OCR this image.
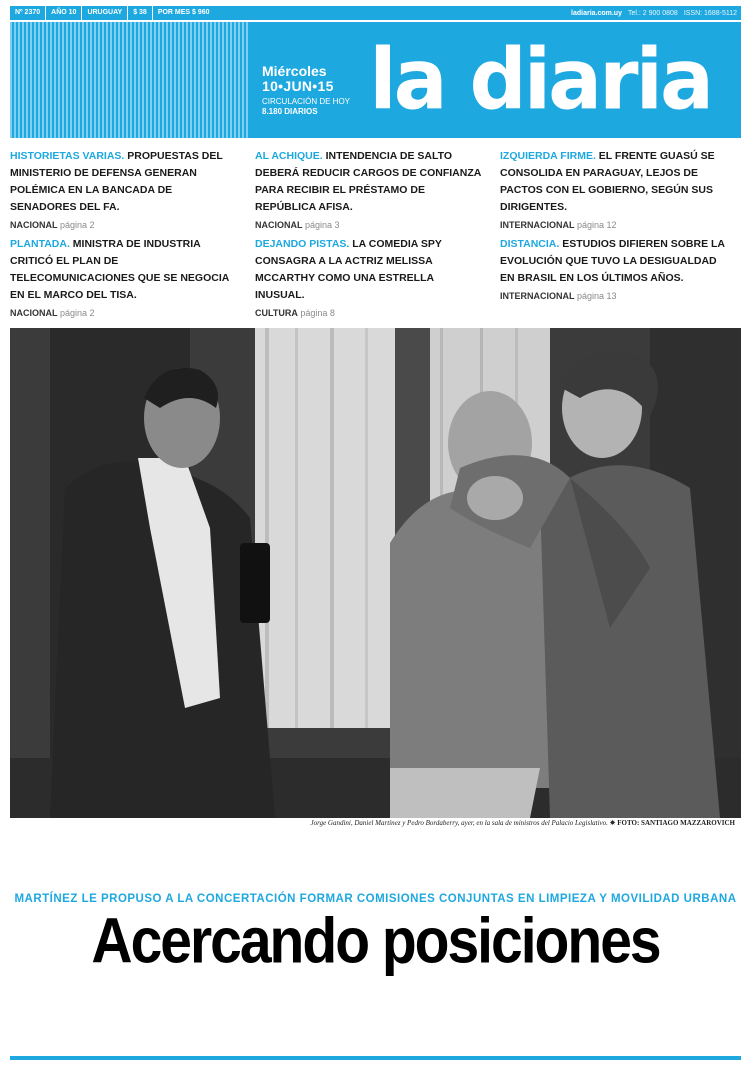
Nº 2370	AÑO 10	URUGUAY	$ 38	POR MES $ 960	ladiaria.com.uy Tel.: 2 900 0808 ISSN: 1688-5112
Miércoles
10•JUN•15
CIRCULACIÓN DE HOY
8.180 DIARIOS la diaria
HISTORIETAS VARIAS. PROPUESTAS DEL MINISTERIO DE DEFENSA GENERAN POLÉMICA EN LA BANCADA DE SENADORES DEL FA.
NACIONAL página 2
AL ACHIQUE. INTENDENCIA DE SALTO DEBERÁ REDUCIR CARGOS DE CONFIANZA PARA RECIBIR EL PRÉSTAMO DE REPÚBLICA AFISA.
NACIONAL página 3
IZQUIERDA FIRME. EL FRENTE GUASÚ SE CONSOLIDA EN PARAGUAY, LEJOS DE PACTOS CON EL GOBIERNO, SEGÚN SUS DIRIGENTES.
INTERNACIONAL página 12
PLANTADA. MINISTRA DE INDUSTRIA CRITICÓ EL PLAN DE TELECOMUNICACIONES QUE SE NEGOCIA EN EL MARCO DEL TISA.
NACIONAL página 2
DEJANDO PISTAS. LA COMEDIA SPY CONSAGRA A LA ACTRIZ MELISSA MCCARTHY COMO UNA ESTRELLA INUSUAL.
CULTURA página 8
DISTANCIA. ESTUDIOS DIFIEREN SOBRE LA EVOLUCIÓN QUE TUVO LA DESIGUALDAD EN BRASIL EN LOS ÚLTIMOS AÑOS.
INTERNACIONAL página 13
Jorge Gandini, Daniel Martínez y Pedro Bordaberry, ayer, en la sala de ministros del Palacio Legislativo. ✷ FOTO: SANTIAGO MAZZAROVICH
MARTÍNEZ LE PROPUSO A LA CONCERTACIÓN FORMAR COMISIONES CONJUNTAS EN LIMPIEZA Y MOVILIDAD URBANA
Acercando posiciones
